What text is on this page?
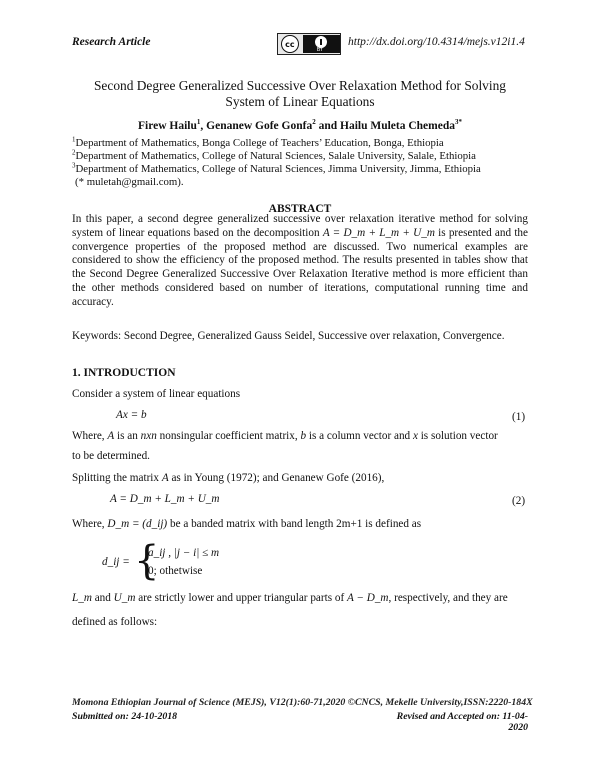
Research Article	cc
BY
http://dx.doi.org/10.4314/mejs.v12i1.4
Second Degree Generalized Successive Over Relaxation Method for Solving
System of Linear Equations
Firew Hailu$^1$, Genanew Gofe Gonfa$^2$ and Hailu Muleta Chemeda$^{3*}$
$^1$Department of Mathematics, Bonga College of Teachers’ Education, Bonga, Ethiopia
$^2$Department of Mathematics, College of Natural Sciences, Salale University, Salale, Ethiopia
$^3$Department of Mathematics, College of Natural Sciences, Jimma University, Jimma, Ethiopia
(* muletah@gmail.com).
ABSTRACT
In this paper, a second degree generalized successive over relaxation iterative method for solving system of linear equations based on the decomposition A = D_m + L_m + U_m is presented and the convergence properties of the proposed method are discussed. Two numerical examples are considered to show the efficiency of the proposed method. The results presented in tables show that the Second Degree Generalized Successive Over Relaxation Iterative method is more efficient than the other methods considered based on number of iterations, computational running time and accuracy.
Keywords: Second Degree, Generalized Gauss Seidel, Successive over relaxation, Convergence.
1. INTRODUCTION
Consider a system of linear equations
Ax = b	(1)
Where, A is an nxn nonsingular coefficient matrix, b is a column vector and x is solution vector
to be determined.
Splitting the matrix A as in Young (1972); and Genanew Gofe (2016),
A = D_m + L_m + U_m	(2)
Where, D_m = (d_ij) be a banded matrix with band length 2m+1 is defined as
d_ij = {
a_ij , |j − i| ≤ m
0; othetwise
L_m and U_m are strictly lower and upper triangular parts of A − D_m, respectively, and they are
defined as follows:
Momona Ethiopian Journal of Science (MEJS), V12(1):60-71,2020 ©CNCS, Mekelle University,ISSN:2220-184X
Submitted on: 24-10-2018	Revised and Accepted on: 11-04-2020
